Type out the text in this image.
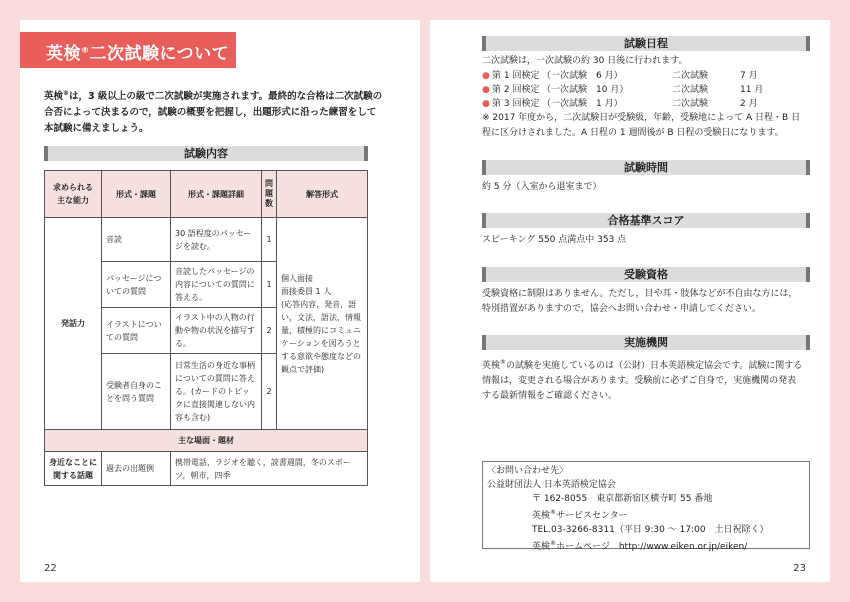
英検®二次試験について
英検®は，3 級以上の級で二次試験が実施されます。最終的な合格は二次試験の
合否によって決まるので，試験の概要を把握し，出題形式に沿った練習をして
本試験に備えましょう。
試験内容
求められる
主な能力	形式・課題	形式・課題詳細	問題数	解答形式
発話力	音読	30 語程度のパッセージを読む。	1	個人面接
面接委員 1 人
(応答内容，発音，語い，文法，語法，情報量，積極的にコミュニケーションを図ろうとする意欲や態度などの観点で評価)
	パッセージについての質問	音読したパッセージの内容についての質問に答える。	1	
	イラストについての質問	イラスト中の人物の行動や物の状況を描写する。	2	
	受験者自身のことを問う質問	日常生活の身近な事柄についての質問に答える。(カードのトピックに直接関連しない内容も含む)	2	
主な場面・題材				
身近なことに関する話題	過去の出題例	携帯電話，ラジオを聴く，読書週間，冬のスポーツ，朝市，四季		
22
試験日程
二次試験は，一次試験の約 30 日後に行われます。
● 第 1 回検定 （一次試験　6 月）	二次試験	7 月
● 第 2 回検定 （一次試験　10 月）	二次試験	11 月
● 第 3 回検定 （一次試験　1 月）	二次試験	2 月
※ 2017 年度から，二次試験日が受験級，年齢，受験地によって A 日程・B 日
程に区分けされました。A 日程の 1 週間後が B 日程の受験日になります。
試験時間
約 5 分（入室から退室まで）
合格基準スコア
スピーキング 550 点満点中 353 点
受験資格
受験資格に制限はありません。ただし，目や耳・肢体などが不自由な方には，
特別措置がありますので，協会へお問い合わせ・申請してください。
実施機関
英検®の試験を実施しているのは（公財）日本英語検定協会です。試験に関する
情報は，変更される場合があります。受験前に必ずご自身で，実施機関の発表
する最新情報をご確認ください。
〈お問い合わせ先〉
公益財団法人 日本英語検定協会
〒 162-8055　東京都新宿区横寺町 55 番地
英検®サービスセンター
TEL.03-3266-8311（平日 9:30 ～ 17:00　土日祝除く）
英検®ホームページ　http://www.eiken.or.jp/eiken/
23
